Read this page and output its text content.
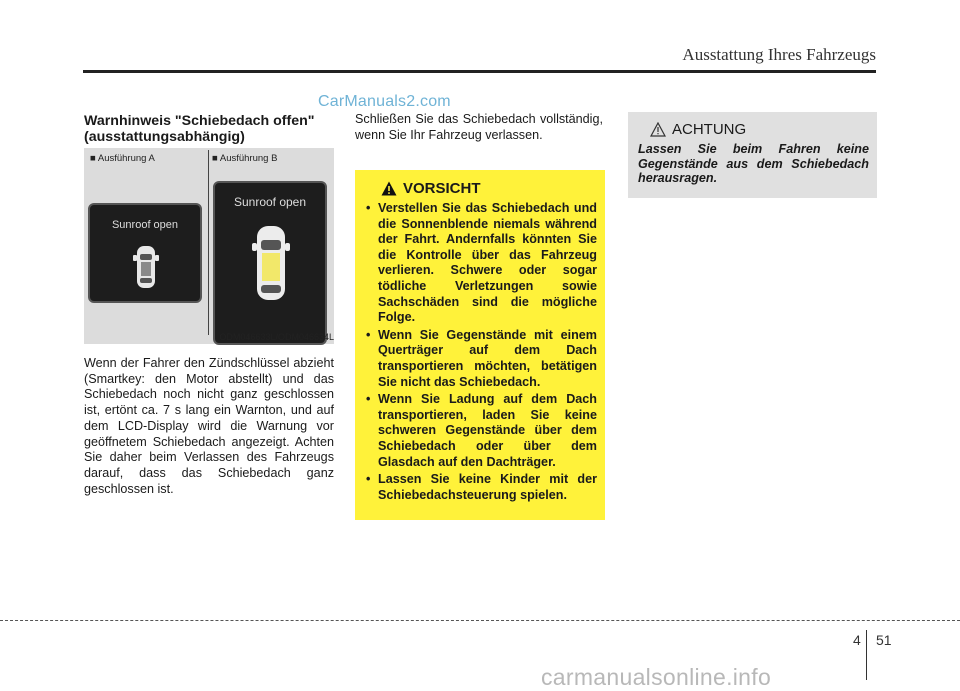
Ausstattung Ihres Fahrzeugs
CarManuals2.com
Warnhinweis "Schiebedach offen"
(ausstattungsabhängig)
■ Ausführung A	■ Ausführung B
Sunroof open
Sunroof open
ODM046633L/ODM046634L
Wenn der Fahrer den Zündschlüssel abzieht (Smartkey: den Motor abstellt) und das Schiebedach noch nicht ganz geschlossen ist, ertönt ca. 7 s lang ein Warnton, und auf dem LCD-Display wird die Warnung vor geöffnetem Schiebedach angezeigt. Achten Sie daher beim Verlassen des Fahrzeugs darauf, dass das Schiebedach ganz geschlossen ist.
Schließen Sie das Schiebedach vollständig, wenn Sie Ihr Fahrzeug verlassen.
VORSICHT
• Verstellen Sie das Schiebedach und die Sonnenblende niemals während der Fahrt. Andernfalls könnten Sie die Kontrolle über das Fahrzeug verlieren. Schwere oder sogar tödliche Verletzungen sowie Sachschäden sind die mögliche Folge.
• Wenn Sie Gegenstände mit einem Querträger auf dem Dach transportieren möchten, betätigen Sie nicht das Schiebedach.
• Wenn Sie Ladung auf dem Dach transportieren, laden Sie keine schweren Gegenstände über dem Schiebedach oder über dem Glasdach auf den Dachträger.
• Lassen Sie keine Kinder mit der Schiebedachsteuerung spielen.
ACHTUNG

Lassen Sie beim Fahren keine Gegenstände aus dem Schiebedach herausragen.

4 51
carmanualsonline.info
